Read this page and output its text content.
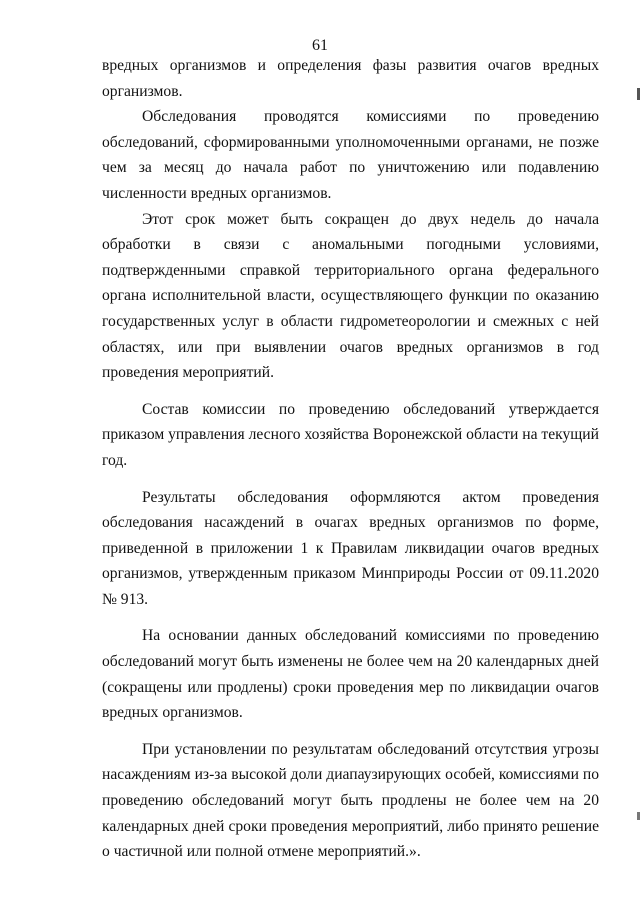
61

вредных организмов и определения фазы развития очагов вредных организмов.

Обследования проводятся комиссиями по проведению обследований, сформированными уполномоченными органами, не позже чем за месяц до начала работ по уничтожению или подавлению численности вредных организмов.

Этот срок может быть сокращен до двух недель до начала обработки в связи с аномальными погодными условиями, подтвержденными справкой территориального органа федерального органа исполнительной власти, осуществляющего функции по оказанию государственных услуг в области гидрометеорологии и смежных с ней областях, или при выявлении очагов вредных организмов в год проведения мероприятий.

Состав комиссии по проведению обследований утверждается приказом управления лесного хозяйства Воронежской области на текущий год.

Результаты обследования оформляются актом проведения обследования насаждений в очагах вредных организмов по форме, приведенной в приложении 1 к Правилам ликвидации очагов вредных организмов, утвержденным приказом Минприроды России от 09.11.2020 № 913.

На основании данных обследований комиссиями по проведению обследований могут быть изменены не более чем на 20 календарных дней (сокращены или продлены) сроки проведения мер по ликвидации очагов вредных организмов.

При установлении по результатам обследований отсутствия угрозы насаждениям из-за высокой доли диапаузирующих особей, комиссиями по проведению обследований могут быть продлены не более чем на 20 календарных дней сроки проведения мероприятий, либо принято решение о частичной или полной отмене мероприятий.».
